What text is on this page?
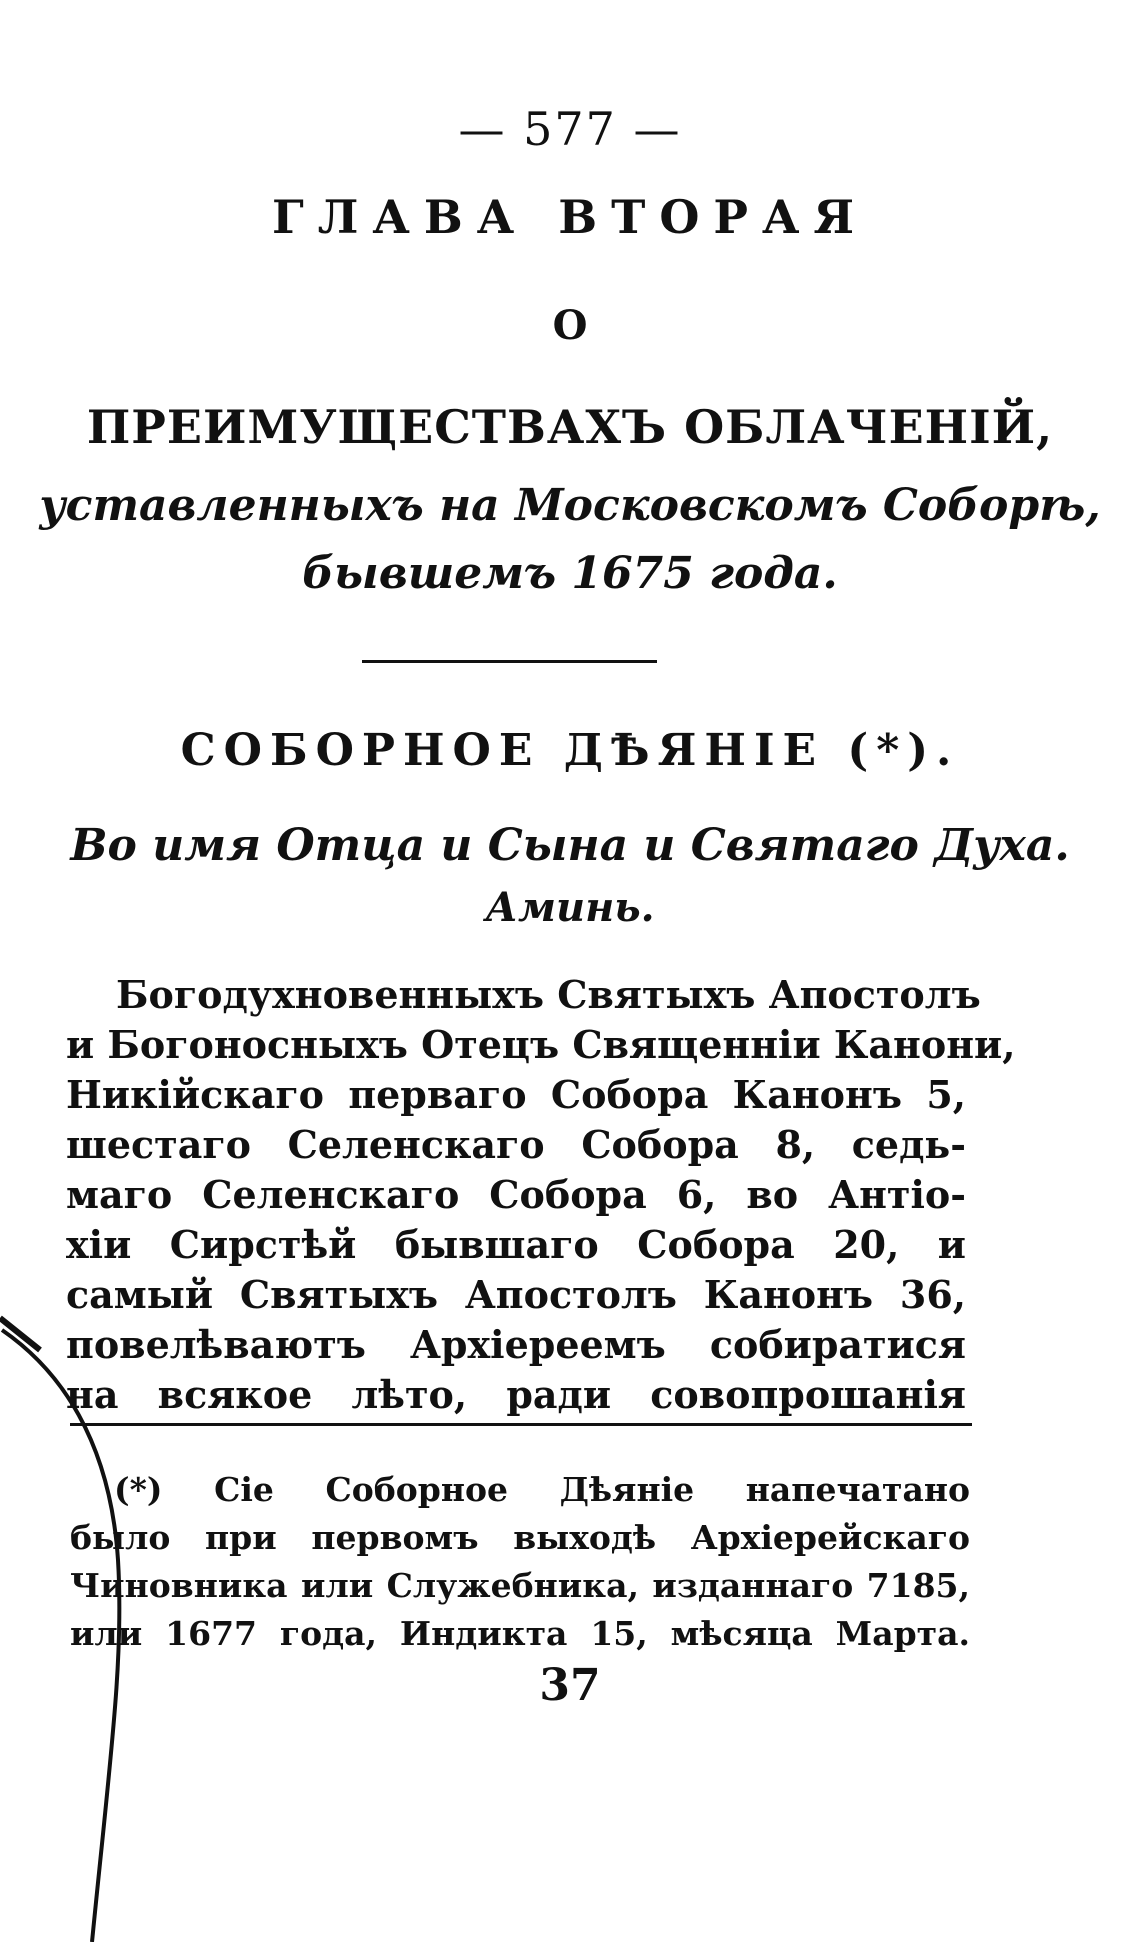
— 577 —
ГЛАВА ВТОРАЯ
О
ПРЕИМУЩЕСТВАХЪ ОБЛАЧЕНІЙ,
уставленныхъ на Московскомъ Соборѣ,
бывшемъ 1675 года.
СОБОРНОЕ ДѢЯНІЕ (*).
Во имя Отца и Сына и Святаго Духа.
Аминь.
Богодухновенныхъ Святыхъ Апостолъ
и Богоносныхъ Отецъ Священніи Канони,
Никійскаго перваго Собора Канонъ 5,
шестаго Селенскаго Собора 8, седь-
маго Селенскаго Собора 6, во Антіо-
хіи Сирстѣй бывшаго Собора 20, и
самый Святыхъ Апостолъ Канонъ 36,
повелѣваютъ Архіереемъ собиратися
на всякое лѣто, ради совопрошанія
(*) Сіе Соборное Дѣяніе напечатано
было при первомъ выходѣ Архіерейскаго
Чиновника или Служебника, изданнаго 7185,
или 1677 года, Индикта 15, мѣсяца Марта.
37
